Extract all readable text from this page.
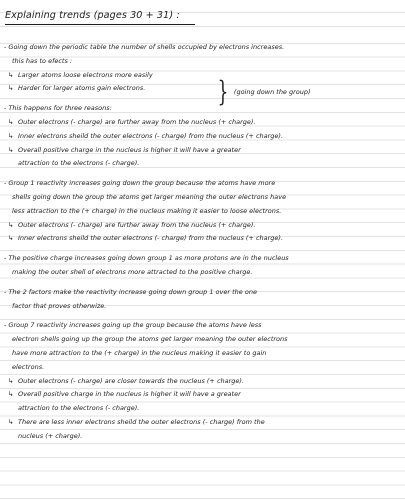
Explaining trends (pages 30 + 31) :
} (going down the group)
- Going down the periodic table the number of shells occupied by electrons increases.
this has to efects :
↳ Larger atoms loose electrons more easily
↳ Harder for larger atoms gain electrons.
- This happens for three reasons:
↳ Outer electrons (- charge) are further away from the nucleus (+ charge).
↳ Inner electrons sheild the outer electrons (- charge) from the nucleus (+ charge).
↳ Overall positive charge in the nucleus is higher it will have a greater
attraction to the electrons (- charge).
- Group 1 reactivity increases going down the group because the atoms have more
shells going down the group the atoms get larger meaning the outer electrons have
less attraction to the (+ charge) in the nucleus making it easier to loose electrons.
↳ Outer electrons (- charge) are further away from the nucleus (+ charge).
↳ Inner electrons sheild the outer electrons (- charge) from the nucleus (+ charge).
- The positive charge increases going down group 1 as more protons are in the nucleus
making the outer shell of electrons more attracted to the positive charge.
- The 2 factors make the reactivity increase going down group 1 over the one
factor that proves otherwize.
- Group 7 reactivity increases going up the group because the atoms have less
electron shells going up the group the atoms get larger meaning the outer electrons
have more attraction to the (+ charge) in the nucleus making it easier to gain
electrons.
↳ Outer electrons (- charge) are closer towards the nucleus (+ charge).
↳ Overall positive charge in the nucleus is higher it will have a greater
attraction to the electrons (- charge).
↳ There are less inner electrons sheild the outer electrons (- charge) from the
nucleus (+ charge).
